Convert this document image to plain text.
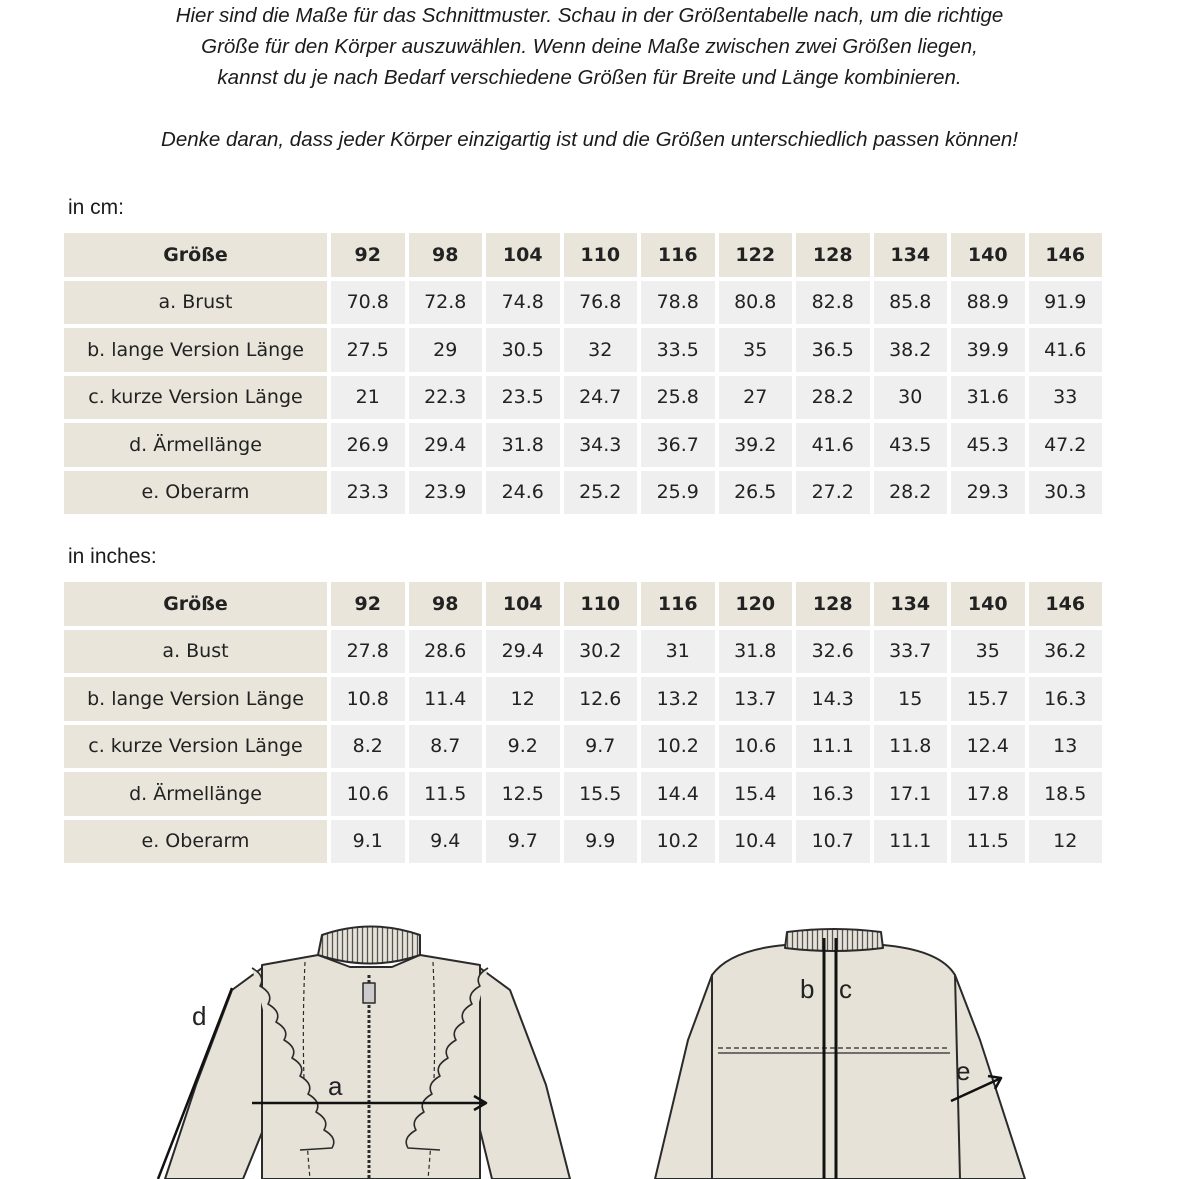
Hier sind die Maße für das Schnittmuster. Schau in der Größentabelle nach, um die richtige

Größe für den Körper auszuwählen. Wenn deine Maße zwischen zwei Größen liegen,

kannst du je nach Bedarf verschiedene Größen für Breite und Länge kombinieren.

Denke daran, dass jeder Körper einzigartig ist und die Größen unterschiedlich passen können!

in cm:
Größe	92	98	104	110	116	122	128	134	140	146
a. Brust	70.8	72.8	74.8	76.8	78.8	80.8	82.8	85.8	88.9	91.9
b. lange Version Länge	27.5	29	30.5	32	33.5	35	36.5	38.2	39.9	41.6
c. kurze Version Länge	21	22.3	23.5	24.7	25.8	27	28.2	30	31.6	33
d. Ärmellänge	26.9	29.4	31.8	34.3	36.7	39.2	41.6	43.5	45.3	47.2
e. Oberarm	23.3	23.9	24.6	25.2	25.9	26.5	27.2	28.2	29.3	30.3
in inches:
Größe	92	98	104	110	116	120	128	134	140	146
a. Bust	27.8	28.6	29.4	30.2	31	31.8	32.6	33.7	35	36.2
b. lange Version Länge	10.8	11.4	12	12.6	13.2	13.7	14.3	15	15.7	16.3
c. kurze Version Länge	8.2	8.7	9.2	9.7	10.2	10.6	11.1	11.8	12.4	13
d. Ärmellänge	10.6	11.5	12.5	15.5	14.4	15.4	16.3	17.1	17.8	18.5
e. Oberarm	9.1	9.4	9.7	9.9	10.2	10.4	10.7	11.1	11.5	12
a
d
b c
e
